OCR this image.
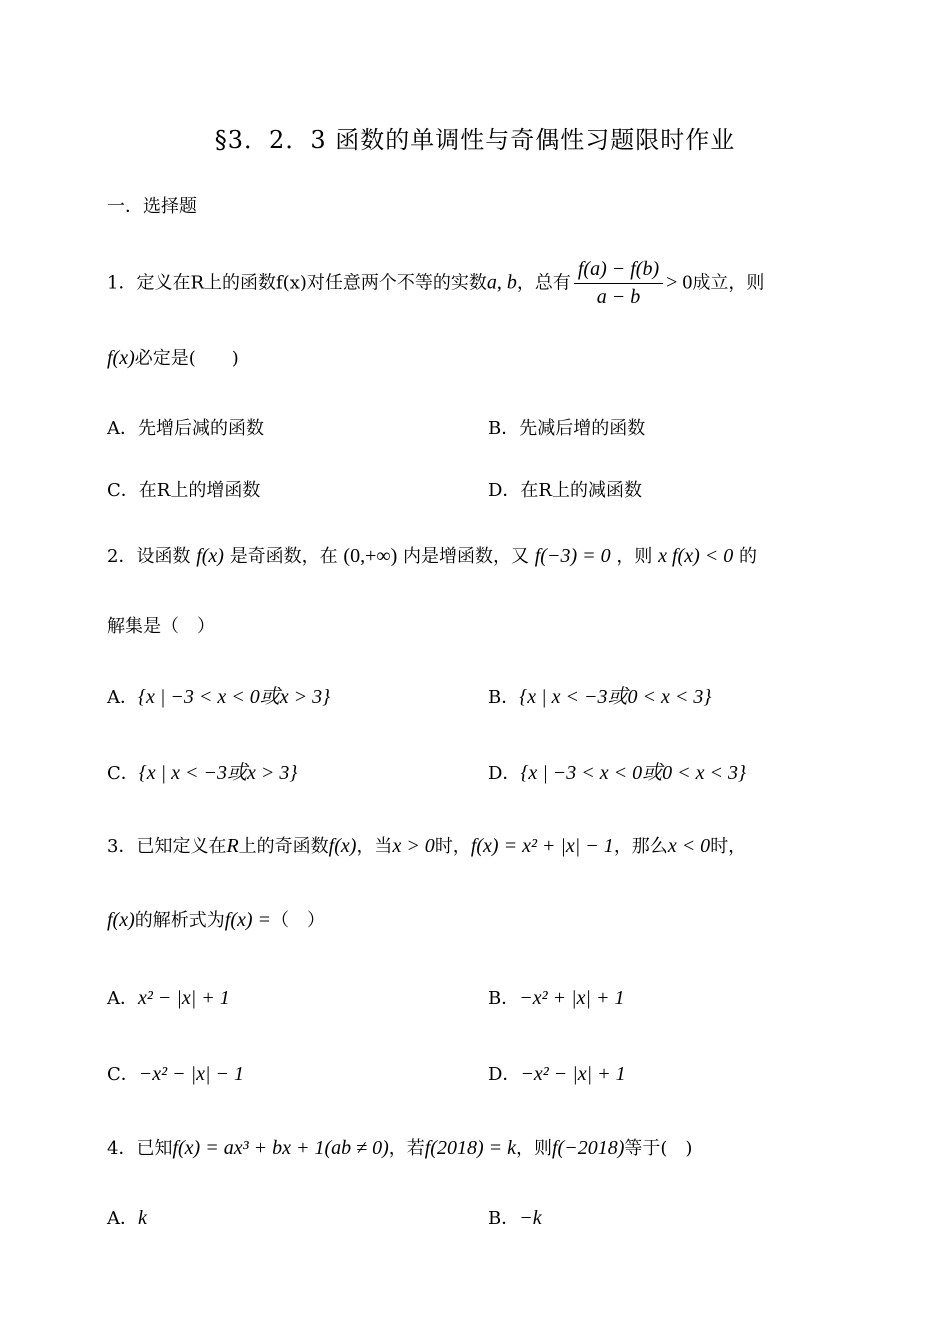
§3．2．3 函数的单调性与奇偶性习题限时作业
一．选择题
1．定义在R上的函数f(x)对任意两个不等的实数a, b，总有 $\frac{f(a) - f(b)}{a - b} > 0$成立，则
f(x)必定是(　　)
A．先增后减的函数	B．先减后增的函数
C．在R上的增函数	D．在R上的减函数
2．设函数 f(x) 是奇函数，在 (0,+∞) 内是增函数，又 f(−3) = 0 ，则 x f(x) < 0 的
解集是（　）
A．{x | −3 < x < 0或x > 3}	B．{x | x < −3或0 < x < 3}
C．{x | x < −3或x > 3}	D．{x | −3 < x < 0或0 < x < 3}
3．已知定义在R上的奇函数f(x)，当x > 0时，f(x) = x² + |x| − 1，那么x < 0时，
f(x)的解析式为f(x) =（　）
A．x² − |x| + 1	B．−x² + |x| + 1
C．−x² − |x| − 1	D．−x² − |x| + 1
4．已知f(x) = ax³ + bx + 1(ab ≠ 0)，若f(2018) = k，则f(−2018)等于(　)
A．k	B．−k
